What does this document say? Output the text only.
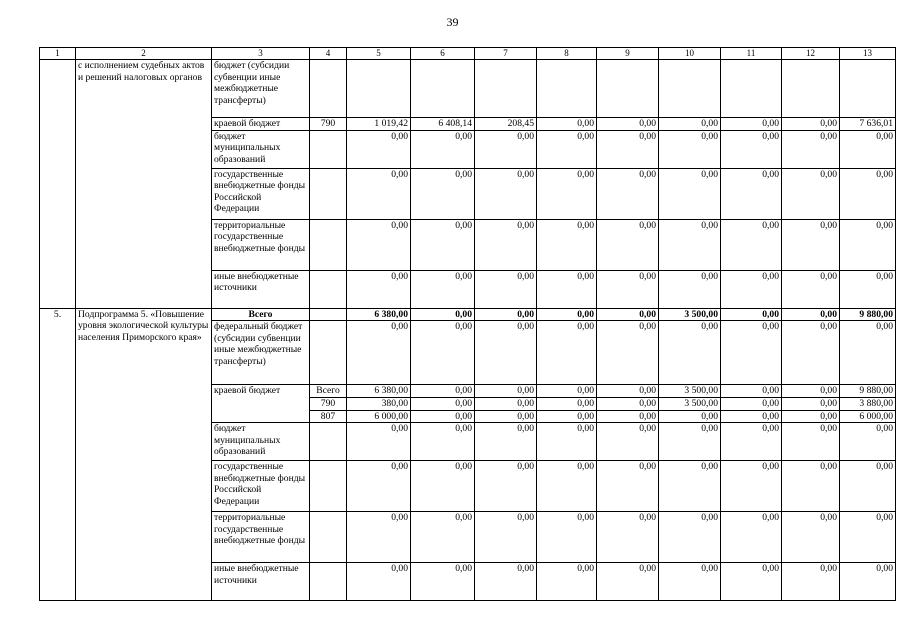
39
1	2	3	4	5	6	7	8	9	10	11	12	13
	с исполнением судебных актов и решений налоговых органов	бюджет (субсидии субвенции иные межбюджетные трансферты)										
		краевой бюджет	790	1 019,42	6 408,14	208,45	0,00	0,00	0,00	0,00	0,00	7 636,01
		бюджет муниципальных образований		0,00	0,00	0,00	0,00	0,00	0,00	0,00	0,00	0,00
		государственные внебюджетные фонды Российской Федерации		0,00	0,00	0,00	0,00	0,00	0,00	0,00	0,00	0,00
		территориальные государственные внебюджетные фонды		0,00	0,00	0,00	0,00	0,00	0,00	0,00	0,00	0,00
		иные внебюджетные источники		0,00	0,00	0,00	0,00	0,00	0,00	0,00	0,00	0,00
5.	Подпрограмма 5. «Повышение уровня экологической культуры населения Приморского края»	Всего		6 380,00	0,00	0,00	0,00	0,00	3 500,00	0,00	0,00	9 880,00
		федеральный бюджет (субсидии субвенции иные межбюджетные трансферты)		0,00	0,00	0,00	0,00	0,00	0,00	0,00	0,00	0,00
		краевой бюджет	Всего	6 380,00	0,00	0,00	0,00	0,00	3 500,00	0,00	0,00	9 880,00
			790	380,00	0,00	0,00	0,00	0,00	3 500,00	0,00	0,00	3 880,00
			807	6 000,00	0,00	0,00	0,00	0,00	0,00	0,00	0,00	6 000,00
		бюджет муниципальных образований		0,00	0,00	0,00	0,00	0,00	0,00	0,00	0,00	0,00
		государственные внебюджетные фонды Российской Федерации		0,00	0,00	0,00	0,00	0,00	0,00	0,00	0,00	0,00
		территориальные государственные внебюджетные фонды		0,00	0,00	0,00	0,00	0,00	0,00	0,00	0,00	0,00
		иные внебюджетные источники		0,00	0,00	0,00	0,00	0,00	0,00	0,00	0,00	0,00
